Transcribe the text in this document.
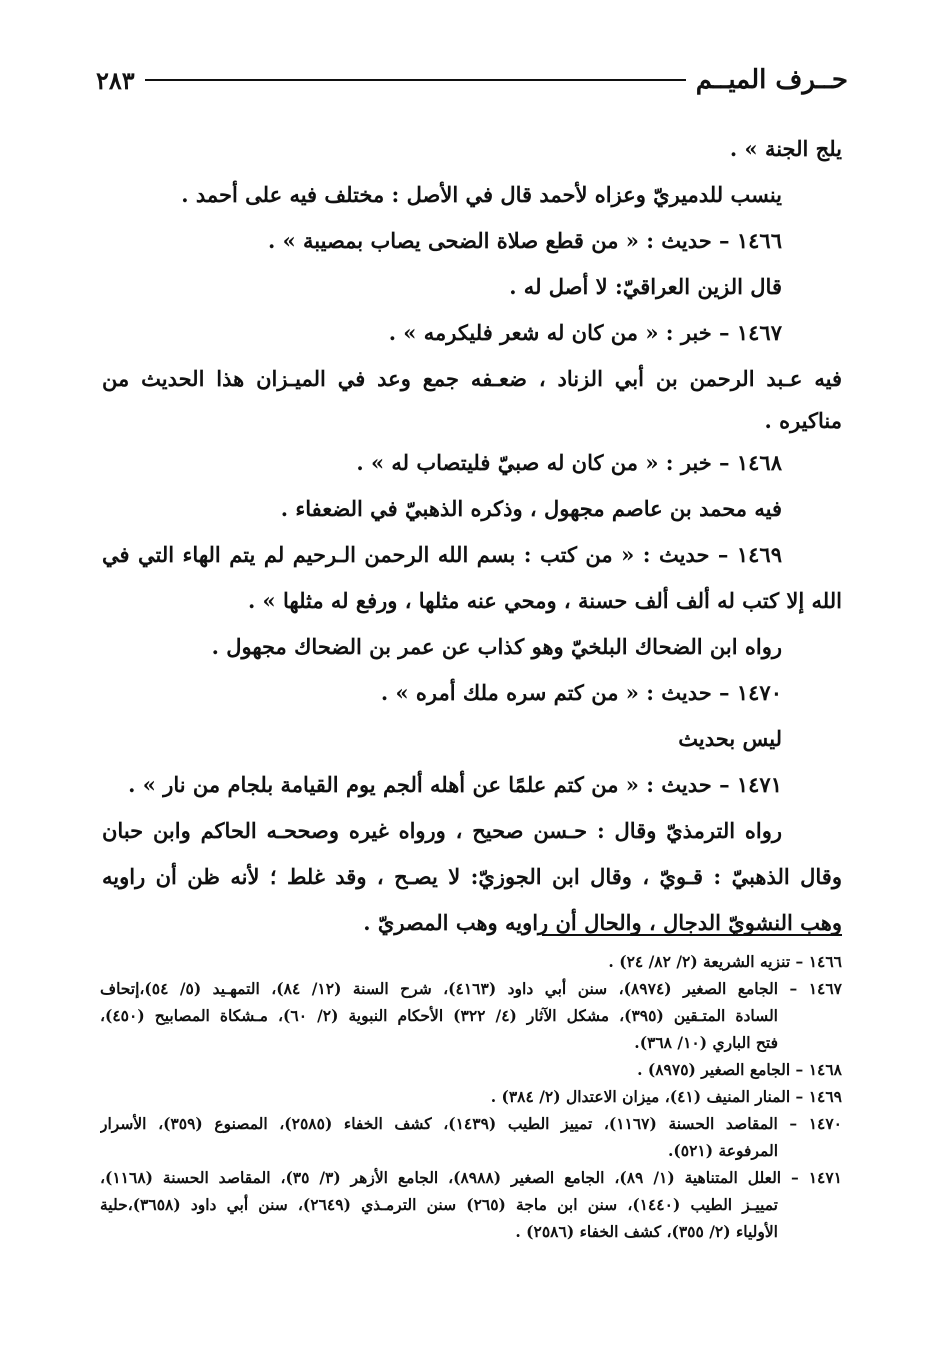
حــرف الميــم
٢٨٣
يلج الجنة » .
ينسب للدميريّ وعزاه لأحمد قال في الأصل : مختلف فيه على أحمد .
١٤٦٦ – حديث : « من قطع صلاة الضحى يصاب بمصيبة » .
قال الزين العراقيّ: لا أصل له .
١٤٦٧ – خبر : « من كان له شعر فليكرمه » .
فيه عـبد الرحمن بن أبي الزناد ، ضعـفه جمع وعد في الميـزان هذا الحديث من
مناكيره .
١٤٦٨ – خبر : « من كان له صبيّ فليتصاب له » .
فيه محمد بن عاصم مجهول ، وذكره الذهبيّ في الضعفاء .
١٤٦٩ – حديث : « من كتب : بسم الله الرحمن الـرحيم لم يتم الهاء التي في
الله إلا كتب له ألف ألف حسنة ، ومحي عنه مثلها ، ورفع له مثلها » .
رواه ابن الضحاك البلخيّ وهو كذاب عن عمر بن الضحاك مجهول .
١٤٧٠ – حديث : « من كتم سره ملك أمره » .
ليس بحديث
١٤٧١ – حديث : « من كتم علمًا عن أهله ألجم يوم القيامة بلجام من نار » .
رواه الترمذيّ وقال : حـسن صحيح ، ورواه غيره وصححـه الحاكم وابن حبان
وقال الذهبيّ : قـويّ ، وقال ابن الجوزيّ: لا يصـح ، وقد غلط ؛ لأنه ظن أن راويه
وهب النشويّ الدجال ، والحال أن راويه وهب المصريّ .
١٤٦٦ – تنزيه الشريعة (٢/ ٨٢/ ٢٤) .
١٤٦٧ – الجامع الصغير (٨٩٧٤)، سنن أبي داود (٤١٦٣)، شرح السنة (١٢/ ٨٤)، التمهـيد (٥/ ٥٤)،إتحاف
السادة المتـقين (٣٩٥)، مشكل الآثار (٤/ ٣٢٢) الأحكام النبوية (٢/ ٦٠)، مـشكاة المصابيح (٤٥٠)،
فتح الباري (١٠/ ٣٦٨).
١٤٦٨ – الجامع الصغير (٨٩٧٥) .
١٤٦٩ – المنار المنيف (٤١)، ميزان الاعتدال (٢/ ٣٨٤) .
١٤٧٠ – المقاصد الحسنة (١١٦٧)، تمييز الطيب (١٤٣٩)، كشف الخفاء (٢٥٨٥)، المصنوع (٣٥٩)، الأسرار
المرفوعة (٥٢١).
١٤٧١ – العلل المتناهية (١/ ٨٩)، الجامع الصغير (٨٩٨٨)، الجامع الأزهر (٣/ ٣٥)، المقاصد الحسنة (١١٦٨)،
تمييـز الطيب (١٤٤٠)، سنن ابن ماجة (٢٦٥) سنن الترمـذي (٢٦٤٩)، سنن أبي داود (٣٦٥٨)،حلية
الأولياء (٢/ ٣٥٥)، كشف الخفاء (٢٥٨٦) .
